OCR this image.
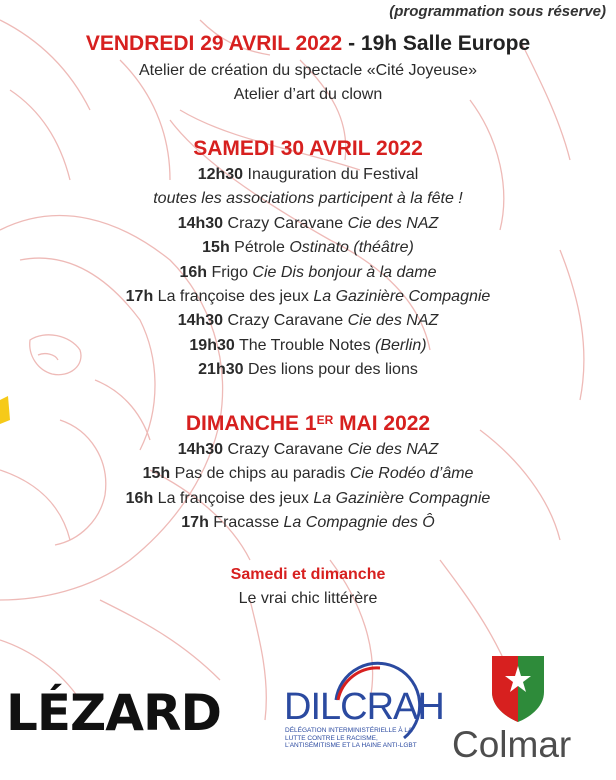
(programmation sous réserve)
VENDREDI 29 AVRIL 2022 - 19h Salle Europe
Atelier de création du spectacle «Cité Joyeuse»
Atelier d’art du clown
SAMEDI 30 AVRIL 2022
12h30 Inauguration du Festival
toutes les associations participent à la fête !
14h30 Crazy Caravane Cie des NAZ
15h Pétrole Ostinato (théâtre)
16h Frigo Cie Dis bonjour à la dame
17h La françoise des jeux La Gazinière Compagnie
14h30 Crazy Caravane Cie des NAZ
19h30 The Trouble Notes (Berlin)
21h30 Des lions pour des lions
DIMANCHE 1ER MAI 2022
14h30 Crazy Caravane Cie des NAZ
15h Pas de chips au paradis Cie Rodéo d’âme
16h La françoise des jeux La Gazinière Compagnie
17h Fracasse La Compagnie des Ô
Samedi et dimanche
Le vrai chic littérère
LÉZARD DILCRAH
DÉLÉGATION INTERMINISTÉRIELLE À LA LUTTE CONTRE LE RACISME, L’ANTISÉMITISME ET LA HAINE ANTI-LGBT Colmar
